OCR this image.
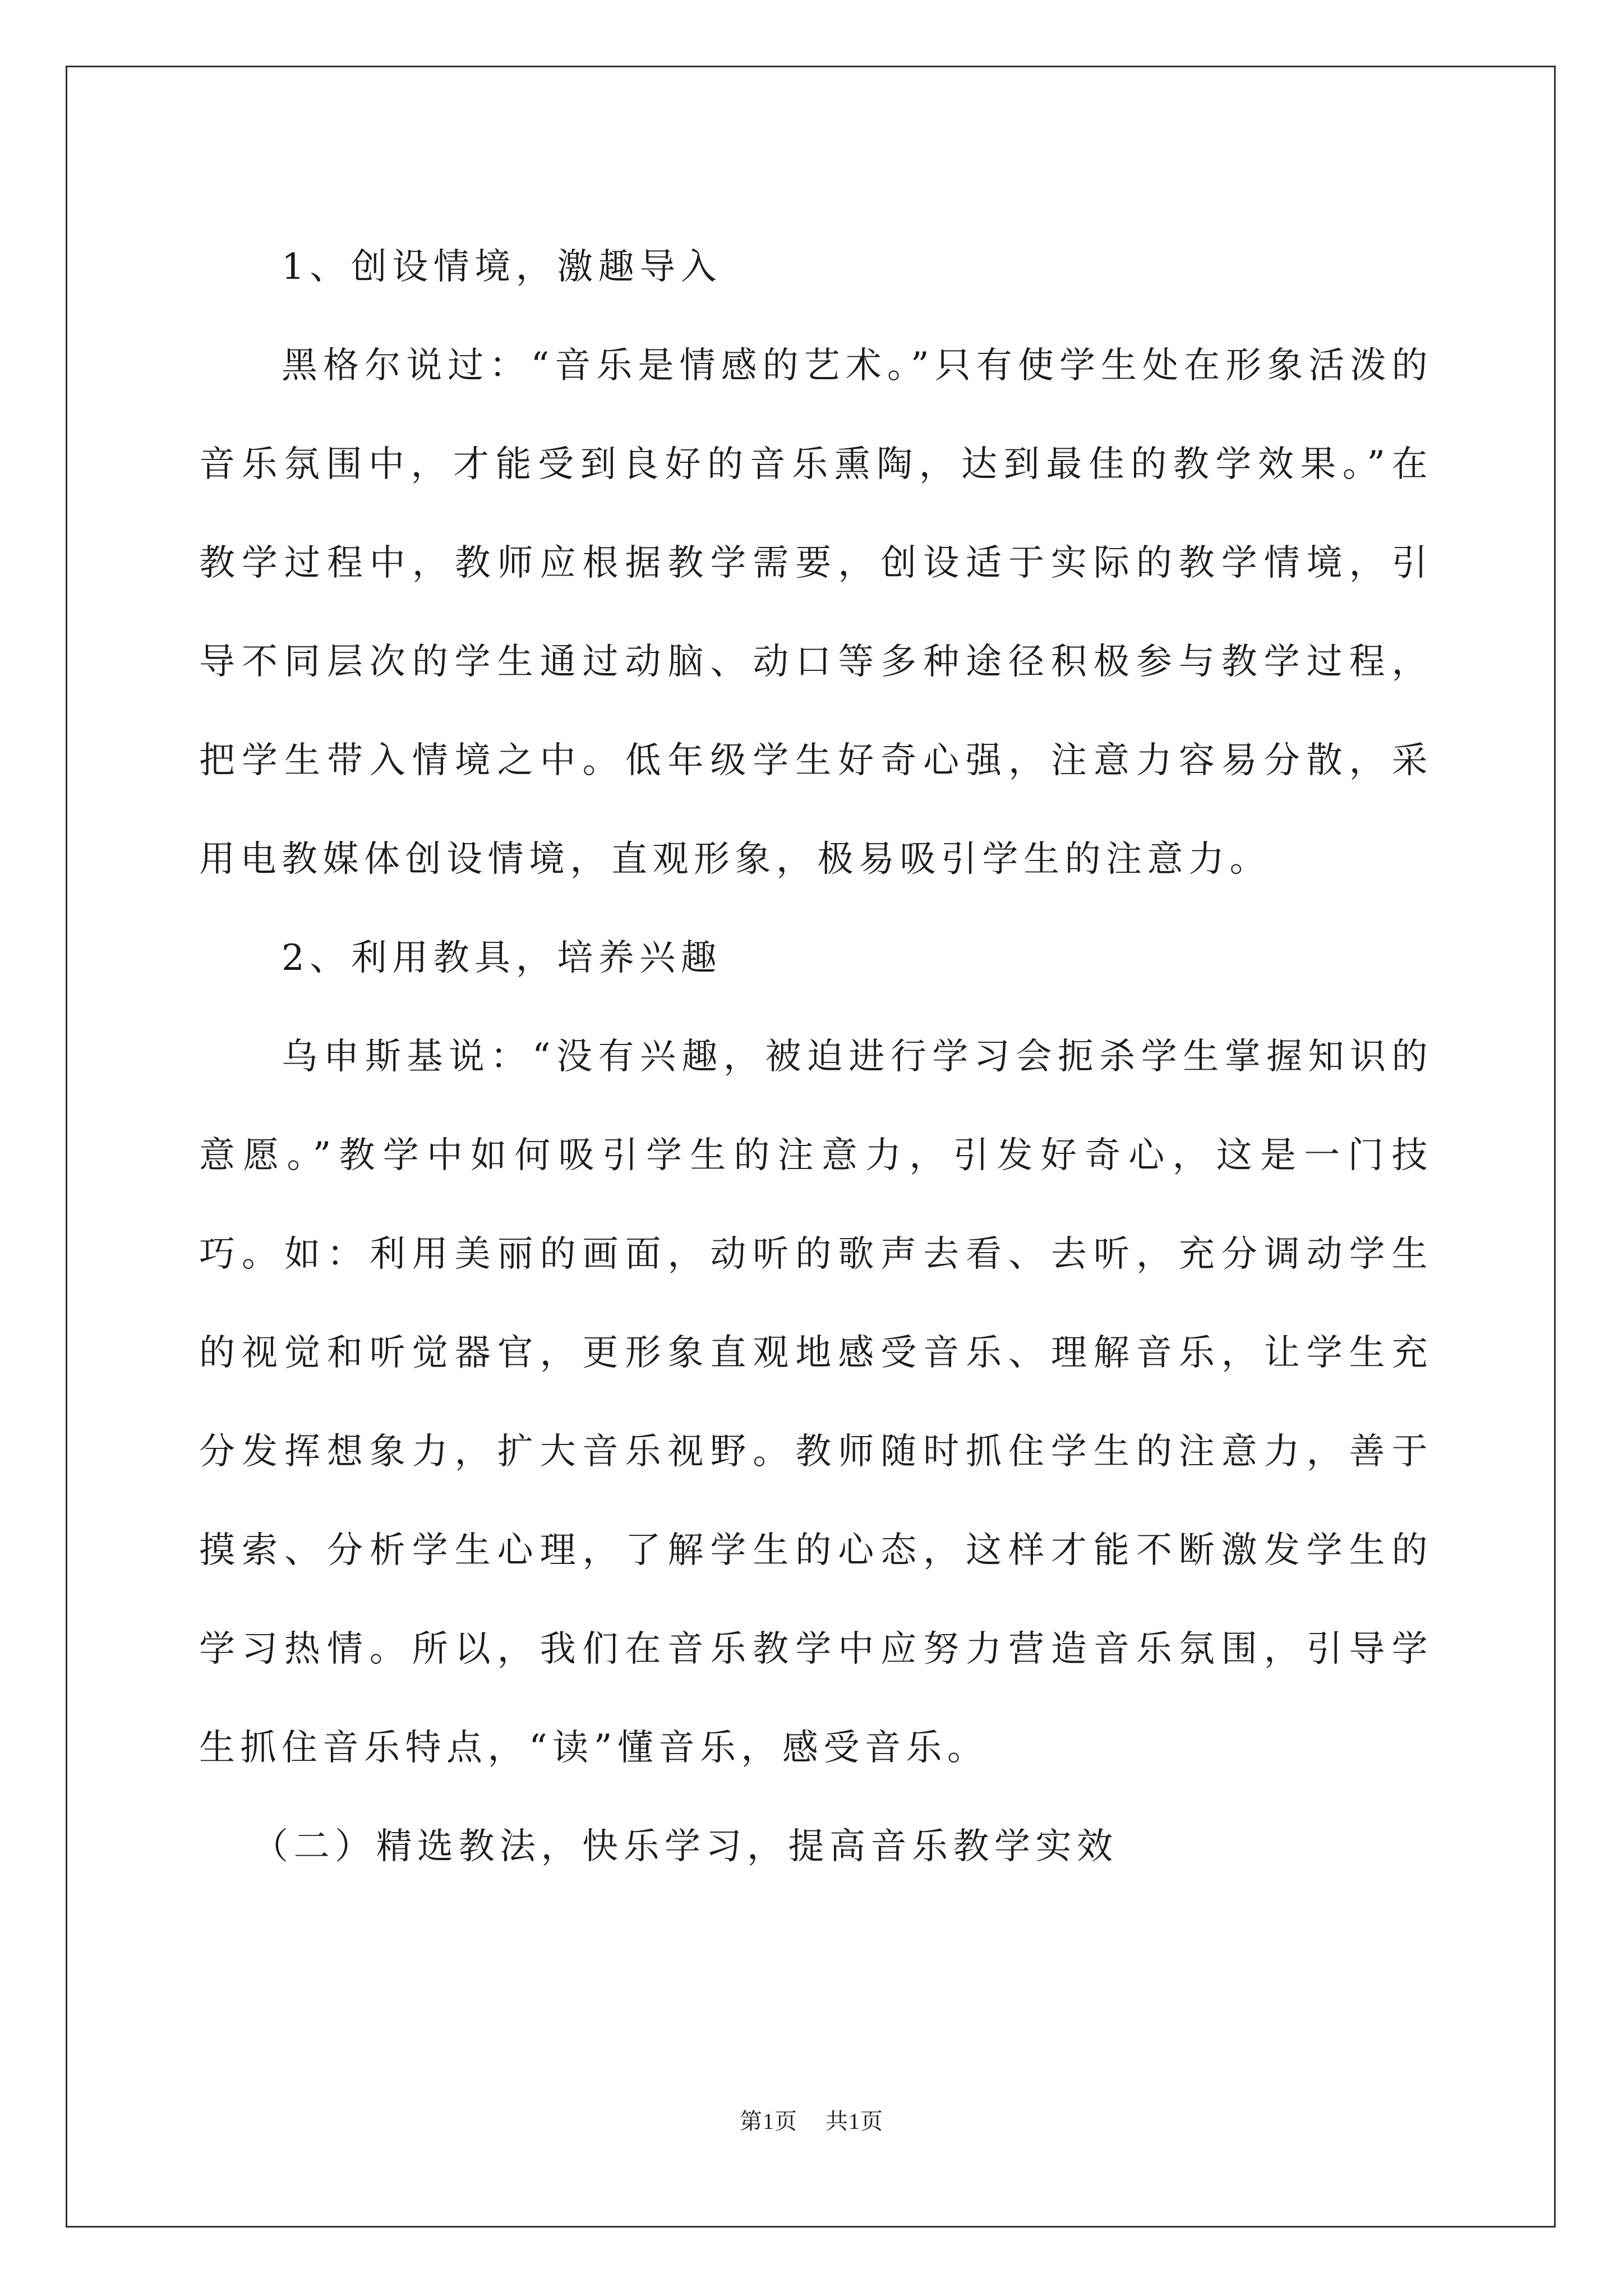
1、创设情境，激趣导入

黑格尔说过：“音乐是情感的艺术。”只有使学生处在形象活泼的音乐氛围中，才能受到良好的音乐熏陶，达到最佳的教学效果。”在教学过程中，教师应根据教学需要，创设适于实际的教学情境，引导不同层次的学生通过动脑、动口等多种途径积极参与教学过程，把学生带入情境之中。低年级学生好奇心强，注意力容易分散，采用电教媒体创设情境，直观形象，极易吸引学生的注意力。

2、利用教具，培养兴趣

乌申斯基说：“没有兴趣，被迫进行学习会扼杀学生掌握知识的意愿。”教学中如何吸引学生的注意力，引发好奇心，这是一门技巧。如：利用美丽的画面，动听的歌声去看、去听，充分调动学生的视觉和听觉器官，更形象直观地感受音乐、理解音乐，让学生充分发挥想象力，扩大音乐视野。教师随时抓住学生的注意力，善于摸索、分析学生心理，了解学生的心态，这样才能不断激发学生的学习热情。所以，我们在音乐教学中应努力营造音乐氛围，引导学生抓住音乐特点，“读”懂音乐，感受音乐。

（二）精选教法，快乐学习，提高音乐教学实效

第1页 共1页
